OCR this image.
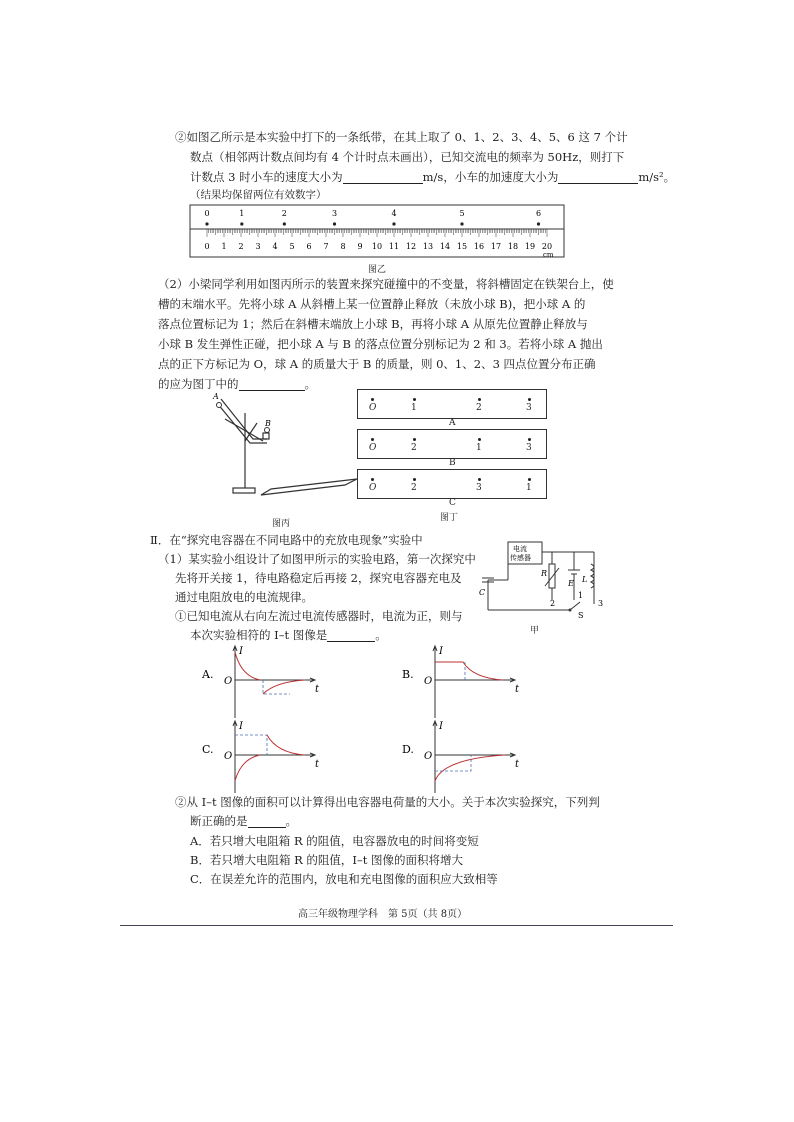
②如图乙所示是本实验中打下的一条纸带，在其上取了 0、1、2、3、4、5、6 这 7 个计
数点（相邻两计数点间均有 4 个计时点未画出），已知交流电的频率为 50Hz，则打下
计数点 3 时小车的速度大小为	m/s，小车的加速度大小为	m/s²。
（结果均保留两位有效数字）
0 1 2 3 4 5 6 7 8 9 10 11 12 13 14 15 16 17 18 19 20
cm
0	1	2	3	4	5	6
图乙
（2）小梁同学利用如图丙所示的装置来探究碰撞中的不变量，将斜槽固定在铁架台上，使
槽的末端水平。先将小球 A 从斜槽上某一位置静止释放（未放小球 B)，把小球 A 的
落点位置标记为 1；然后在斜槽末端放上小球 B，再将小球 A 从原先位置静止释放与
小球 B 发生弹性正碰，把小球 A 与 B 的落点位置分别标记为 2 和 3。若将小球 A 抛出
点的正下方标记为 O，球 A 的质量大于 B 的质量，则 0、1、2、3 四点位置分布正确
的应为图丁中的	。
A
B
图丙
O	1	2	3
A
O	2	1	3
B
O	2	3	1
C
图丁
Ⅱ．在“探究电容器在不同电路中的充放电现象”实验中
（1）某实验小组设计了如图甲所示的实验电路，第一次探究中
先将开关接 1，待电路稳定后再接 2，探究电容器充电及
通过电阻放电的电流规律。
①已知电流从右向左流过电流传感器时，电流为正，则与
本次实验相符的 I–t 图像是	。
电流
传感器
R
E L
C
S
1
2	3
甲
A.
I
t
O
B.
I
t
O
C.
I
t
O
D.
I
t
O
②从 I–t 图像的面积可以计算得出电容器电荷量的大小。关于本次实验探究，下列判
断正确的是	。
A．若只增大电阻箱 R 的阻值，电容器放电的时间将变短
B．若只增大电阻箱 R 的阻值，I–t 图像的面积将增大
C．在误差允许的范围内，放电和充电图像的面积应大致相等
高三年级物理学科　第 5页（共 8页）
